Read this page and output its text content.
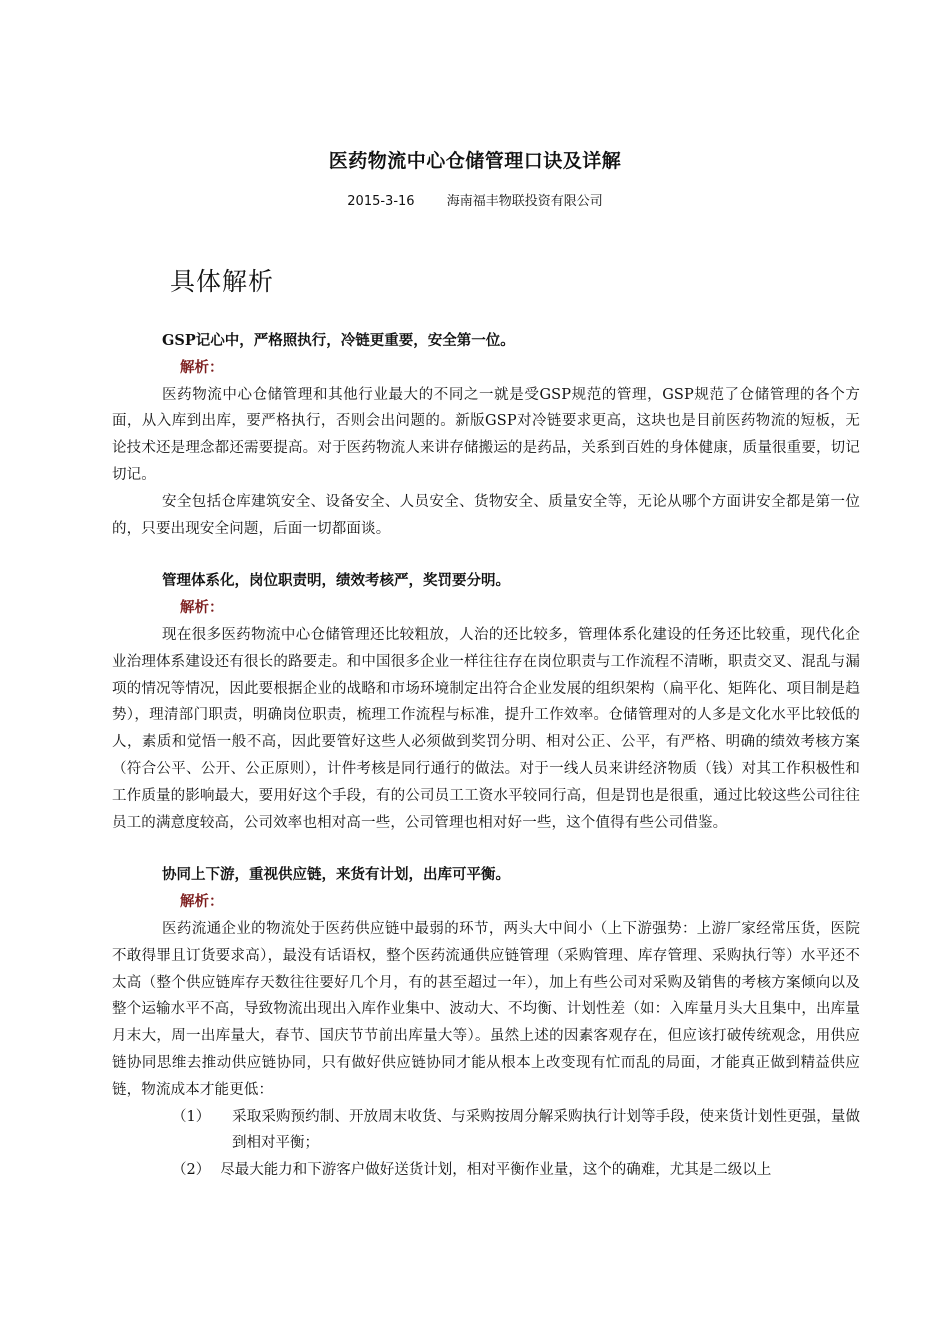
医药物流中心仓储管理口诀及详解
2015-3-16 海南福丰物联投资有限公司
具体解析

GSP记心中，严格照执行，冷链更重要，安全第一位。

解析：

医药物流中心仓储管理和其他行业最大的不同之一就是受GSP规范的管理，GSP规范了仓储管理的各个方面，从入库到出库，要严格执行，否则会出问题的。新版GSP对冷链要求更高，这块也是目前医药物流的短板，无论技术还是理念都还需要提高。对于医药物流人来讲存储搬运的是药品，关系到百姓的身体健康，质量很重要，切记切记。

安全包括仓库建筑安全、设备安全、人员安全、货物安全、质量安全等，无论从哪个方面讲安全都是第一位的，只要出现安全问题，后面一切都面谈。

管理体系化，岗位职责明，绩效考核严，奖罚要分明。

解析：

现在很多医药物流中心仓储管理还比较粗放，人治的还比较多，管理体系化建设的任务还比较重，现代化企业治理体系建设还有很长的路要走。和中国很多企业一样往往存在岗位职责与工作流程不清晰，职责交叉、混乱与漏项的情况等情况，因此要根据企业的战略和市场环境制定出符合企业发展的组织架构（扁平化、矩阵化、项目制是趋势），理清部门职责，明确岗位职责，梳理工作流程与标准，提升工作效率。仓储管理对的人多是文化水平比较低的人，素质和觉悟一般不高，因此要管好这些人必须做到奖罚分明、相对公正、公平，有严格、明确的绩效考核方案（符合公平、公开、公正原则），计件考核是同行通行的做法。对于一线人员来讲经济物质（钱）对其工作积极性和工作质量的影响最大，要用好这个手段，有的公司员工工资水平较同行高，但是罚也是很重，通过比较这些公司往往员工的满意度较高，公司效率也相对高一些，公司管理也相对好一些，这个值得有些公司借鉴。

协同上下游，重视供应链，来货有计划，出库可平衡。

解析：

医药流通企业的物流处于医药供应链中最弱的环节，两头大中间小（上下游强势：上游厂家经常压货，医院不敢得罪且订货要求高），最没有话语权，整个医药流通供应链管理（采购管理、库存管理、采购执行等）水平还不太高（整个供应链库存天数往往要好几个月，有的甚至超过一年），加上有些公司对采购及销售的考核方案倾向以及整个运输水平不高，导致物流出现出入库作业集中、波动大、不均衡、计划性差（如：入库量月头大且集中，出库量月末大，周一出库量大，春节、国庆节节前出库量大等）。虽然上述的因素客观存在，但应该打破传统观念，用供应链协同思维去推动供应链协同，只有做好供应链协同才能从根本上改变现有忙而乱的局面，才能真正做到精益供应链，物流成本才能更低：

（1） 采取采购预约制、开放周末收货、与采购按周分解采购执行计划等手段，使来货计划性更强，量做到相对平衡；

（2） 尽最大能力和下游客户做好送货计划，相对平衡作业量，这个的确难，尤其是二级以上
